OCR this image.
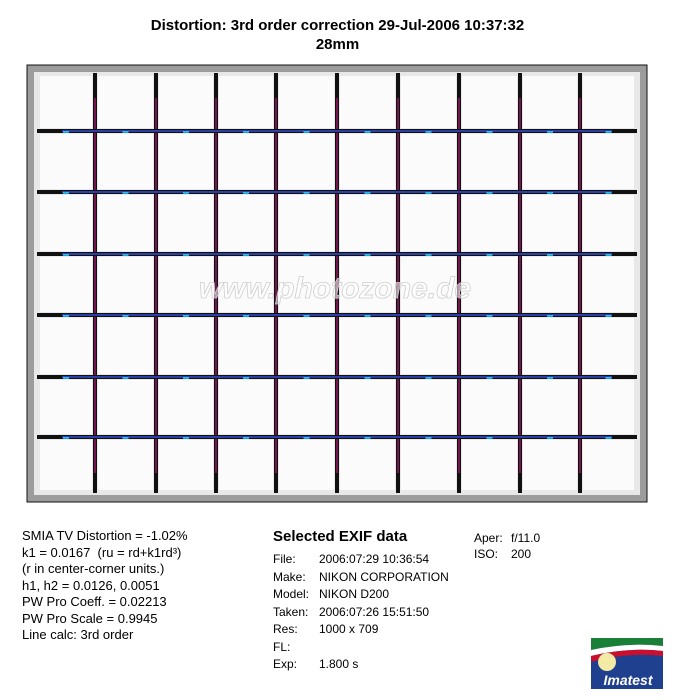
Distortion: 3rd order correction 29-Jul-2006 10:37:32
28mm
www.photozone.de
SMIA TV Distortion = -1.02%
k1 = 0.0167 (ru = rd+k1rd³)
(r in center-corner units.)
h1, h2 = 0.0126, 0.0051
PW Pro Coeff. = 0.02213
PW Pro Scale = 0.9945
Line calc: 3rd order
Selected EXIF data
File: 2006:07:29 10:36:54
Make: NIKON CORPORATION
Model: NIKON D200
Taken: 2006:07:26 15:51:50
Res: 1000 x 709
FL:
Exp: 1.800 s
Aper: f/11.0
ISO: 200
Imatest
